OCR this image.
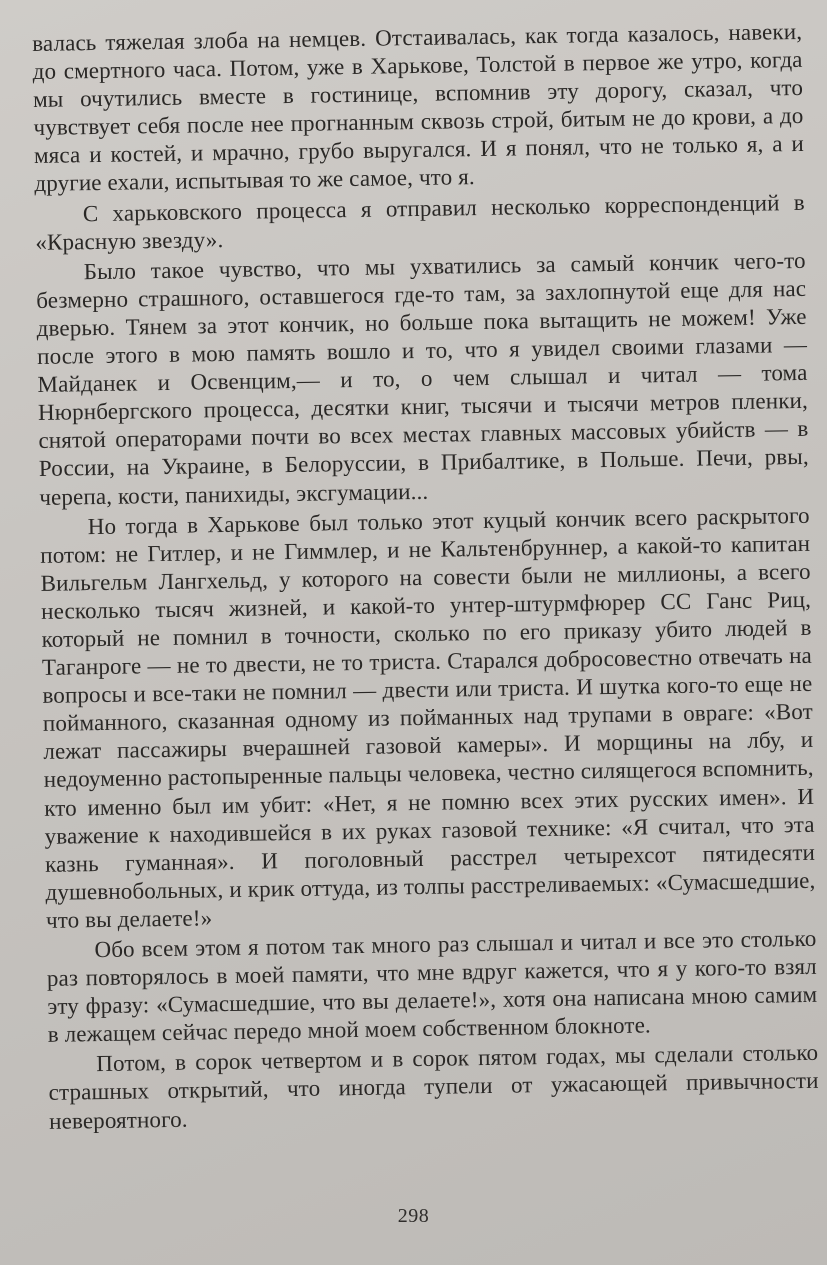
валась тяжелая злоба на немцев. Отстаивалась, как тогда казалось, навеки, до смертного часа. Потом, уже в Харькове, Толстой в первое же утро, когда мы очутились вместе в гостинице, вспомнив эту дорогу, сказал, что чувствует себя после нее прогнанным сквозь строй, битым не до крови, а до мяса и костей, и мрачно, грубо выругался. И я понял, что не только я, а и другие ехали, испытывая то же самое, что я.

С харьковского процесса я отправил несколько корреспонденций в «Красную звезду».

Было такое чувство, что мы ухватились за самый кончик чего-то безмерно страшного, оставшегося где-то там, за захлопнутой еще для нас дверью. Тянем за этот кончик, но больше пока вытащить не можем! Уже после этого в мою память вошло и то, что я увидел своими глазами — Майданек и Освенцим,— и то, о чем слышал и читал — тома Нюрнбергского процесса, десятки книг, тысячи и тысячи метров пленки, снятой операторами почти во всех местах главных массовых убийств — в России, на Украине, в Белоруссии, в Прибалтике, в Польше. Печи, рвы, черепа, кости, панихиды, эксгумации...

Но тогда в Харькове был только этот куцый кончик всего раскрытого потом: не Гитлер, и не Гиммлер, и не Кальтенбруннер, а какой-то капитан Вильгельм Лангхельд, у которого на совести были не миллионы, а всего несколько тысяч жизней, и какой-то унтер-штурмфюрер СС Ганс Риц, который не помнил в точности, сколько по его приказу убито людей в Таганроге — не то двести, не то триста. Старался добросовестно отвечать на вопросы и все-таки не помнил — двести или триста. И шутка кого-то еще не пойманного, сказанная одному из пойманных над трупами в овраге: «Вот лежат пассажиры вчерашней газовой камеры». И морщины на лбу, и недоуменно растопыренные пальцы человека, честно силящегося вспомнить, кто именно был им убит: «Нет, я не помню всех этих русских имен». И уважение к находившейся в их руках газовой технике: «Я считал, что эта казнь гуманная». И поголовный расстрел четырехсот пятидесяти душевнобольных, и крик оттуда, из толпы расстреливаемых: «Сумасшедшие, что вы делаете!»

Обо всем этом я потом так много раз слышал и читал и все это столько раз повторялось в моей памяти, что мне вдруг кажется, что я у кого-то взял эту фразу: «Сумасшедшие, что вы делаете!», хотя она написана мною самим в лежащем сейчас передо мной моем собственном блокноте.

Потом, в сорок четвертом и в сорок пятом годах, мы сделали столько страшных открытий, что иногда тупели от ужасающей привычности невероятного.

298
